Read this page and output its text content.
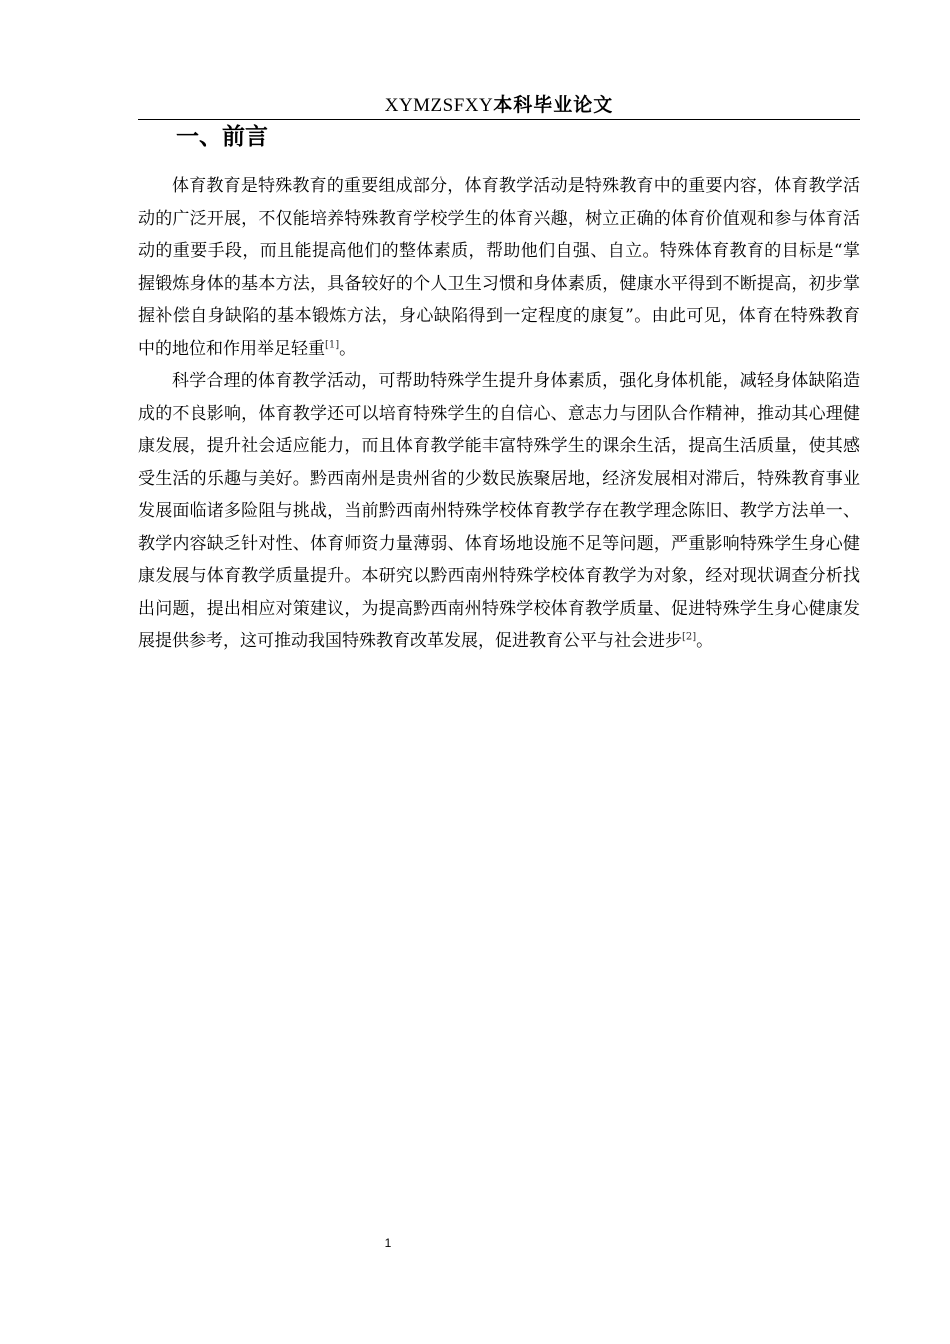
XYMZSFXY本科毕业论文
一、前言

体育教育是特殊教育的重要组成部分，体育教学活动是特殊教育中的重要内容，体育教学活动的广泛开展，不仅能培养特殊教育学校学生的体育兴趣，树立正确的体育价值观和参与体育活动的重要手段，而且能提高他们的整体素质，帮助他们自强、自立。特殊体育教育的目标是“掌握锻炼身体的基本方法，具备较好的个人卫生习惯和身体素质，健康水平得到不断提高，初步掌握补偿自身缺陷的基本锻炼方法，身心缺陷得到一定程度的康复”。由此可见，体育在特殊教育中的地位和作用举足轻重[1]。

科学合理的体育教学活动，可帮助特殊学生提升身体素质，强化身体机能，减轻身体缺陷造成的不良影响，体育教学还可以培育特殊学生的自信心、意志力与团队合作精神，推动其心理健康发展，提升社会适应能力，而且体育教学能丰富特殊学生的课余生活，提高生活质量，使其感受生活的乐趣与美好。黔西南州是贵州省的少数民族聚居地，经济发展相对滞后，特殊教育事业发展面临诸多险阻与挑战，当前黔西南州特殊学校体育教学存在教学理念陈旧、教学方法单一、教学内容缺乏针对性、体育师资力量薄弱、体育场地设施不足等问题，严重影响特殊学生身心健康发展与体育教学质量提升。本研究以黔西南州特殊学校体育教学为对象，经对现状调查分析找出问题，提出相应对策建议，为提高黔西南州特殊学校体育教学质量、促进特殊学生身心健康发展提供参考，这可推动我国特殊教育改革发展，促进教育公平与社会进步[2]。

1
